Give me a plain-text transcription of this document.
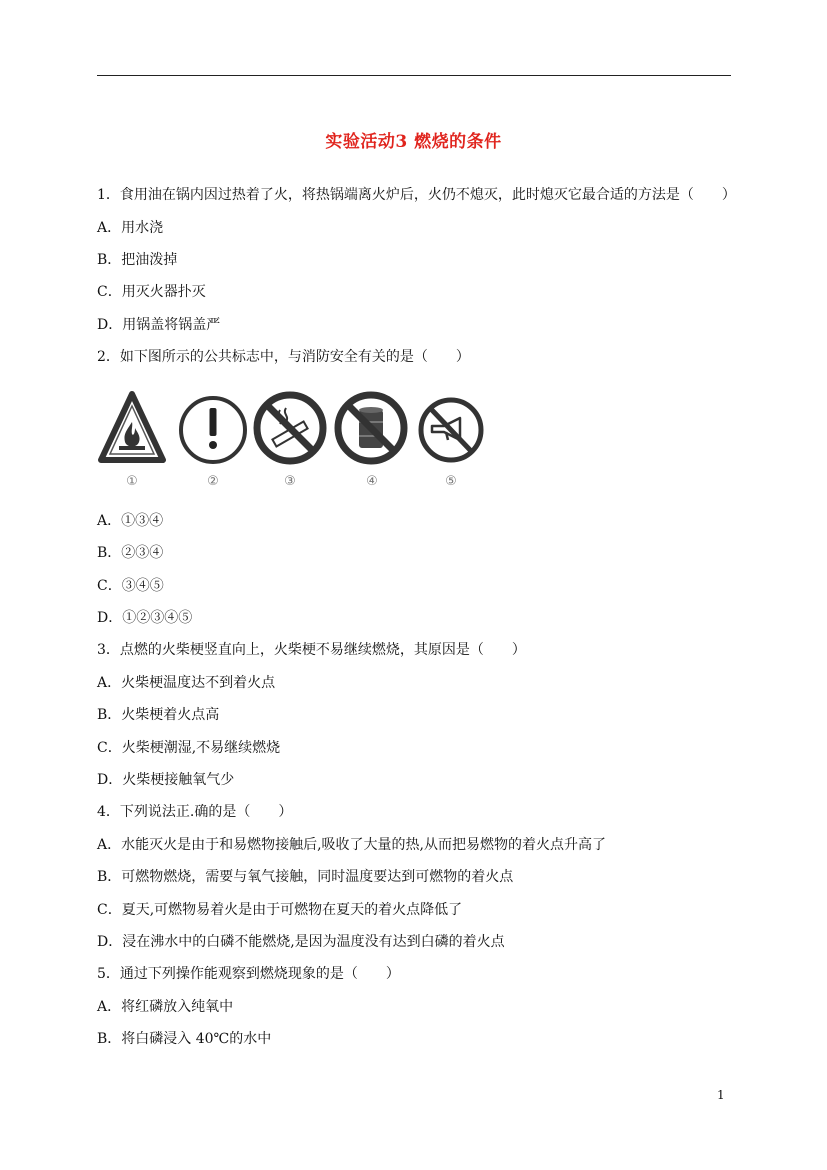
实验活动3 燃烧的条件
1．食用油在锅内因过热着了火，将热锅端离火炉后，火仍不熄灭，此时熄灭它最合适的方法是（　　）
A．用水浇
B．把油泼掉
C．用灭火器扑灭
D．用锅盖将锅盖严
2．如下图所示的公共标志中，与消防安全有关的是（　　）
①	②	③	④	⑤
A．①③④
B．②③④
C．③④⑤
D．①②③④⑤
3．点燃的火柴梗竖直向上，火柴梗不易继续燃烧，其原因是（　　）
A．火柴梗温度达不到着火点
B．火柴梗着火点高
C．火柴梗潮湿,不易继续燃烧
D．火柴梗接触氧气少
4．下列说法正.确的是（　　）
A．水能灭火是由于和易燃物接触后,吸收了大量的热,从而把易燃物的着火点升高了
B．可燃物燃烧，需要与氧气接触，同时温度要达到可燃物的着火点
C．夏天,可燃物易着火是由于可燃物在夏天的着火点降低了
D．浸在沸水中的白磷不能燃烧,是因为温度没有达到白磷的着火点
5．通过下列操作能观察到燃烧现象的是（　　）
A．将红磷放入纯氧中
B．将白磷浸入 40℃的水中
1
